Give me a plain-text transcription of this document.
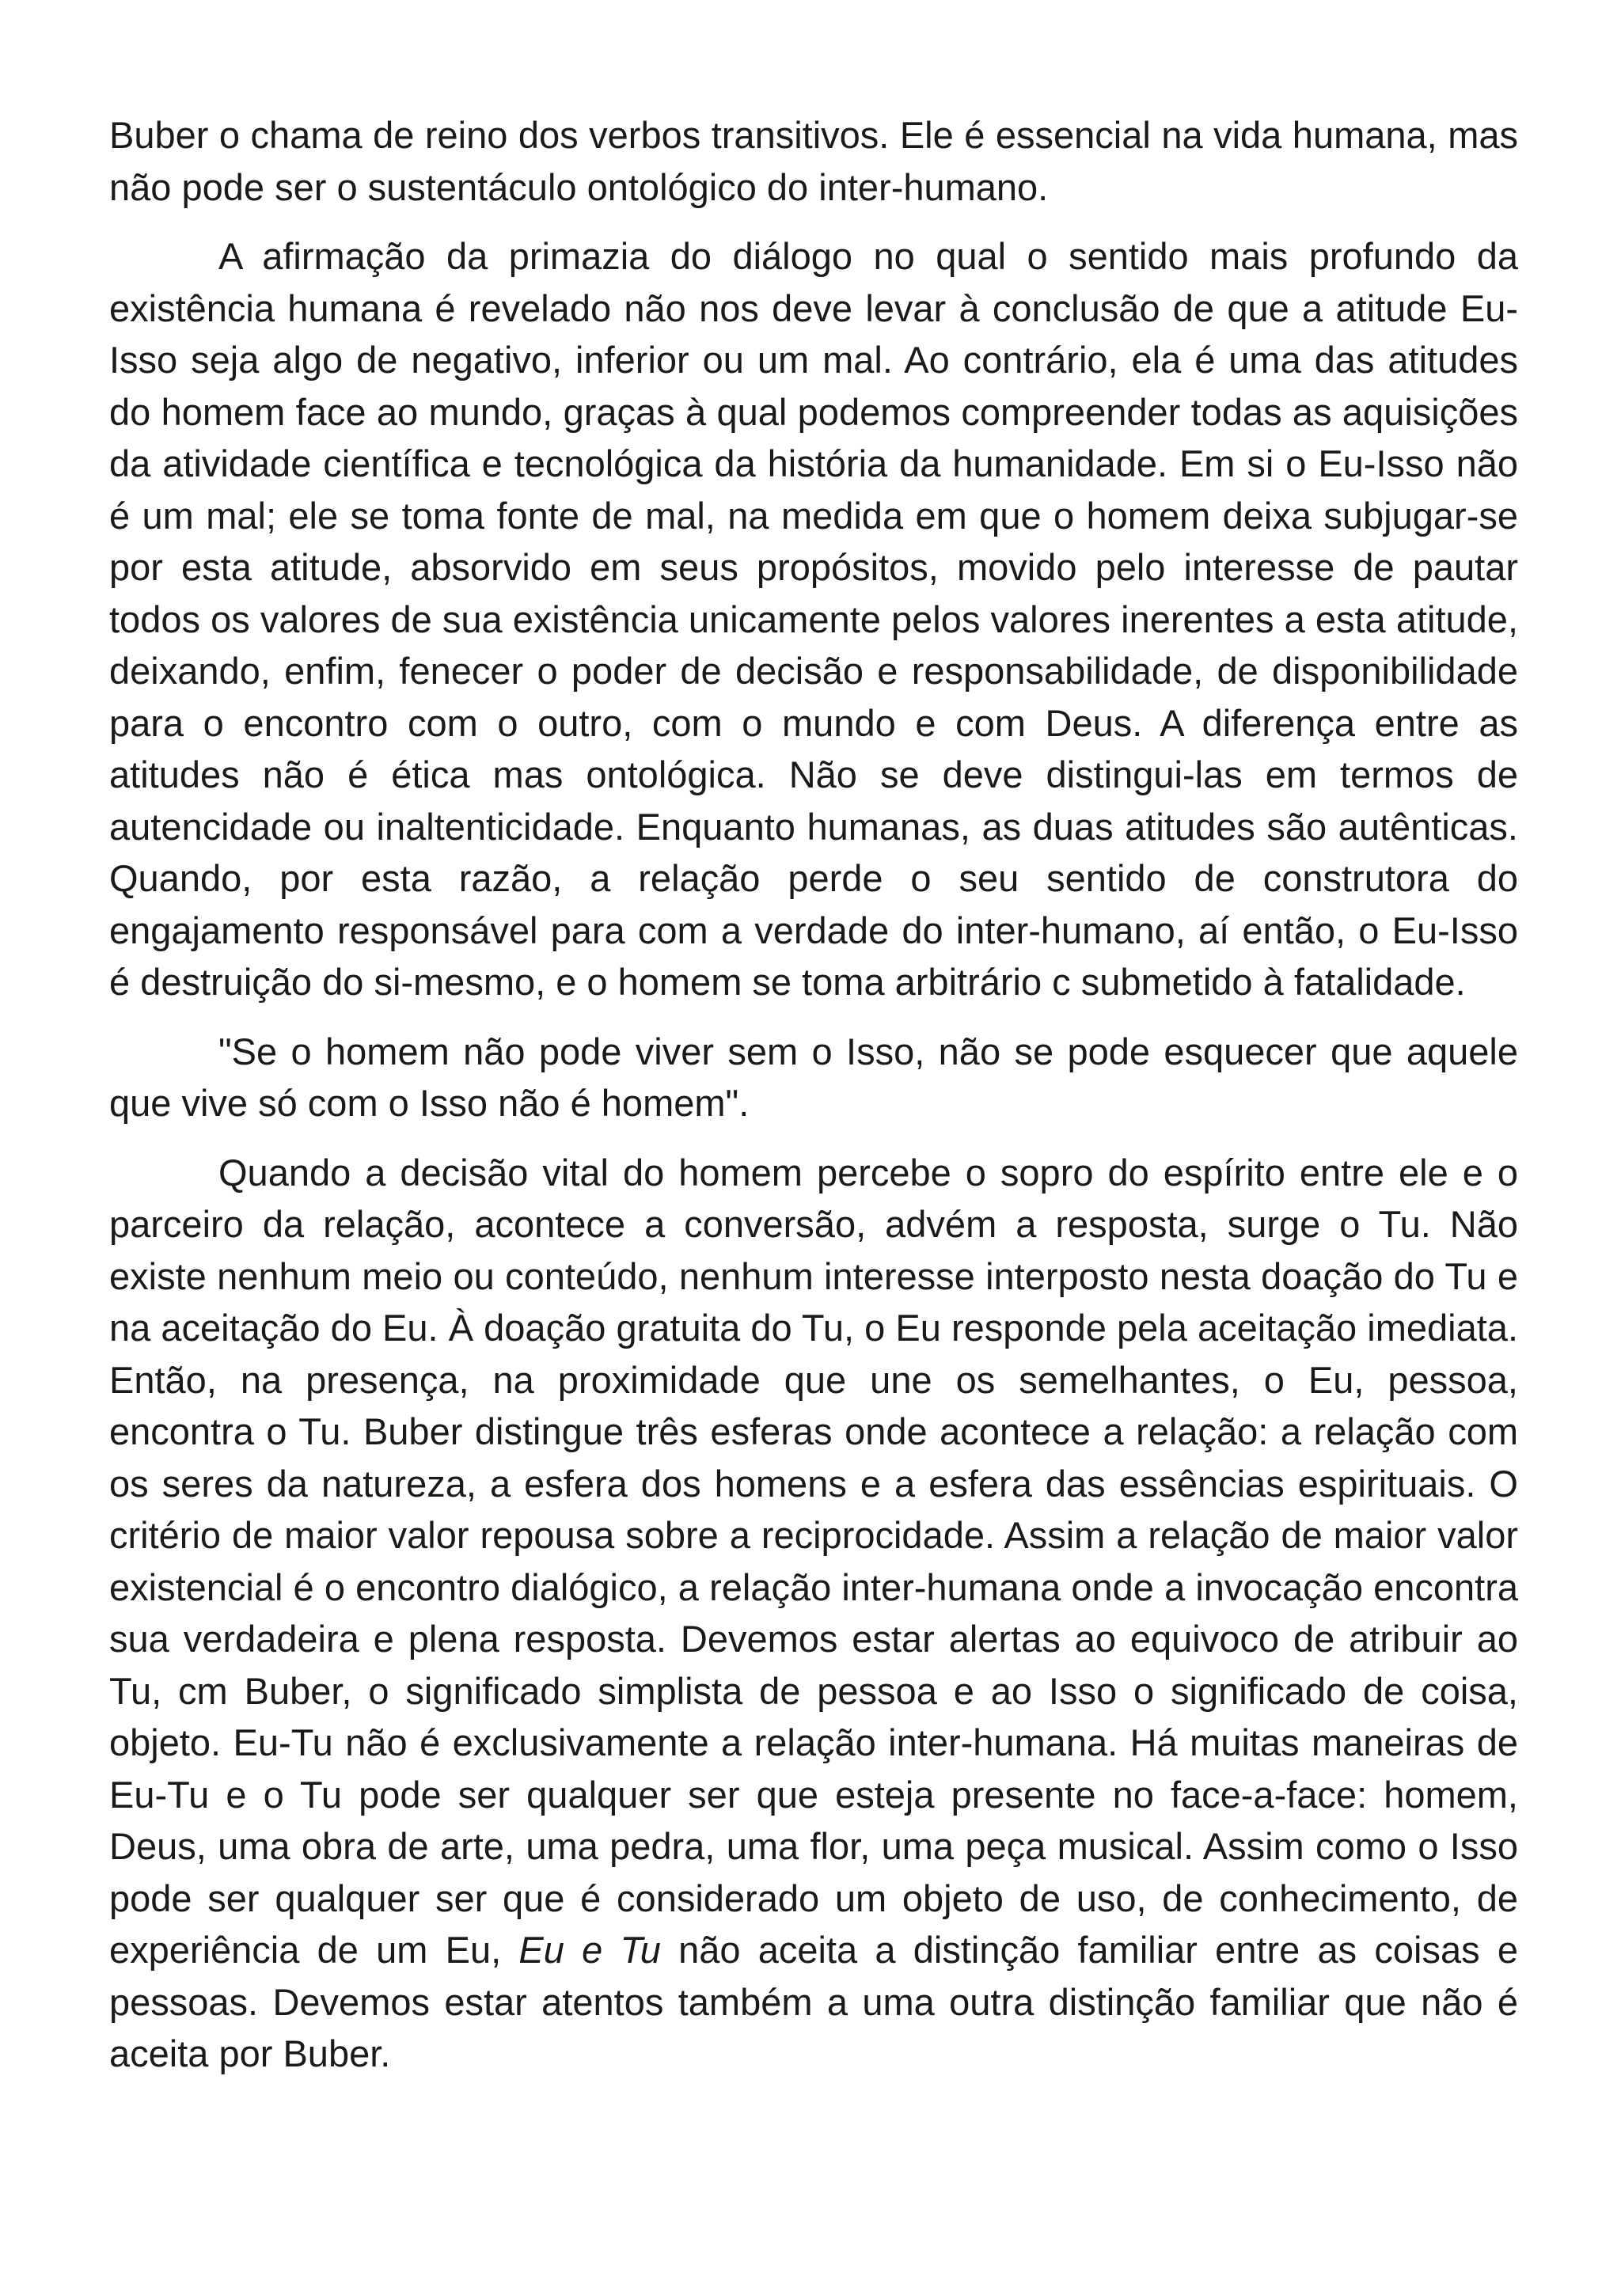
Buber o chama de reino dos verbos transitivos. Ele é essencial na vida humana, mas não pode ser o sustentáculo ontológico do inter-humano.

A afirmação da primazia do diálogo no qual o sentido mais profundo da existência humana é revelado não nos deve levar à conclusão de que a atitude Eu-Isso seja algo de negativo, inferior ou um mal. Ao contrário, ela é uma das atitudes do homem face ao mundo, graças à qual podemos compreender todas as aquisições da atividade científica e tecnológica da história da humanidade. Em si o Eu-Isso não é um mal; ele se toma fonte de mal, na medida em que o homem deixa subjugar-se por esta atitude, absorvido em seus propósitos, movido pelo interesse de pautar todos os valores de sua existência unicamente pelos valores inerentes a esta atitude, deixando, enfim, fenecer o poder de decisão e responsabilidade, de disponibilidade para o encontro com o outro, com o mundo e com Deus. A diferença entre as atitudes não é ética mas ontológica. Não se deve distingui-las em termos de autencidade ou inaltenticidade. Enquanto humanas, as duas atitudes são autênticas. Quando, por esta razão, a relação perde o seu sentido de construtora do engajamento responsável para com a verdade do inter-humano, aí então, o Eu-Isso é destruição do si-mesmo, e o homem se toma arbitrário c submetido à fatalidade.

"Se o homem não pode viver sem o Isso, não se pode esquecer que aquele que vive só com o Isso não é homem".

Quando a decisão vital do homem percebe o sopro do espírito entre ele e o parceiro da relação, acontece a conversão, advém a resposta, surge o Tu. Não existe nenhum meio ou conteúdo, nenhum interesse interposto nesta doação do Tu e na aceitação do Eu. À doação gratuita do Tu, o Eu responde pela aceitação imediata. Então, na presença, na proximidade que une os semelhantes, o Eu, pessoa, encontra o Tu. Buber distingue três esferas onde acontece a relação: a relação com os seres da natureza, a esfera dos homens e a esfera das essências espirituais. O critério de maior valor repousa sobre a reciprocidade. Assim a relação de maior valor existencial é o encontro dialógico, a relação inter-humana onde a invocação encontra sua verdadeira e plena resposta. Devemos estar alertas ao equivoco de atribuir ao Tu, cm Buber, o significado simplista de pessoa e ao Isso o significado de coisa, objeto. Eu-Tu não é exclusivamente a relação inter-humana. Há muitas maneiras de Eu-Tu e o Tu pode ser qualquer ser que esteja presente no face-a-face: homem, Deus, uma obra de arte, uma pedra, uma flor, uma peça musical. Assim como o Isso pode ser qualquer ser que é considerado um objeto de uso, de conhecimento, de experiência de um Eu, Eu e Tu não aceita a distinção familiar entre as coisas e pessoas. Devemos estar atentos também a uma outra distinção familiar que não é aceita por Buber.
